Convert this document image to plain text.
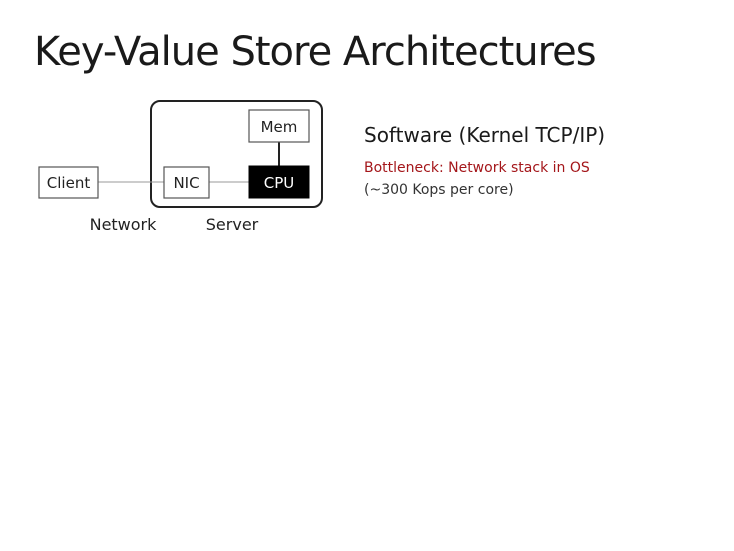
Key-Value Store Architectures
Client	NIC	CPU
Mem
Network	Server
Software (Kernel TCP/IP)
Bottleneck: Network stack in OS
(~300 Kops per core)
